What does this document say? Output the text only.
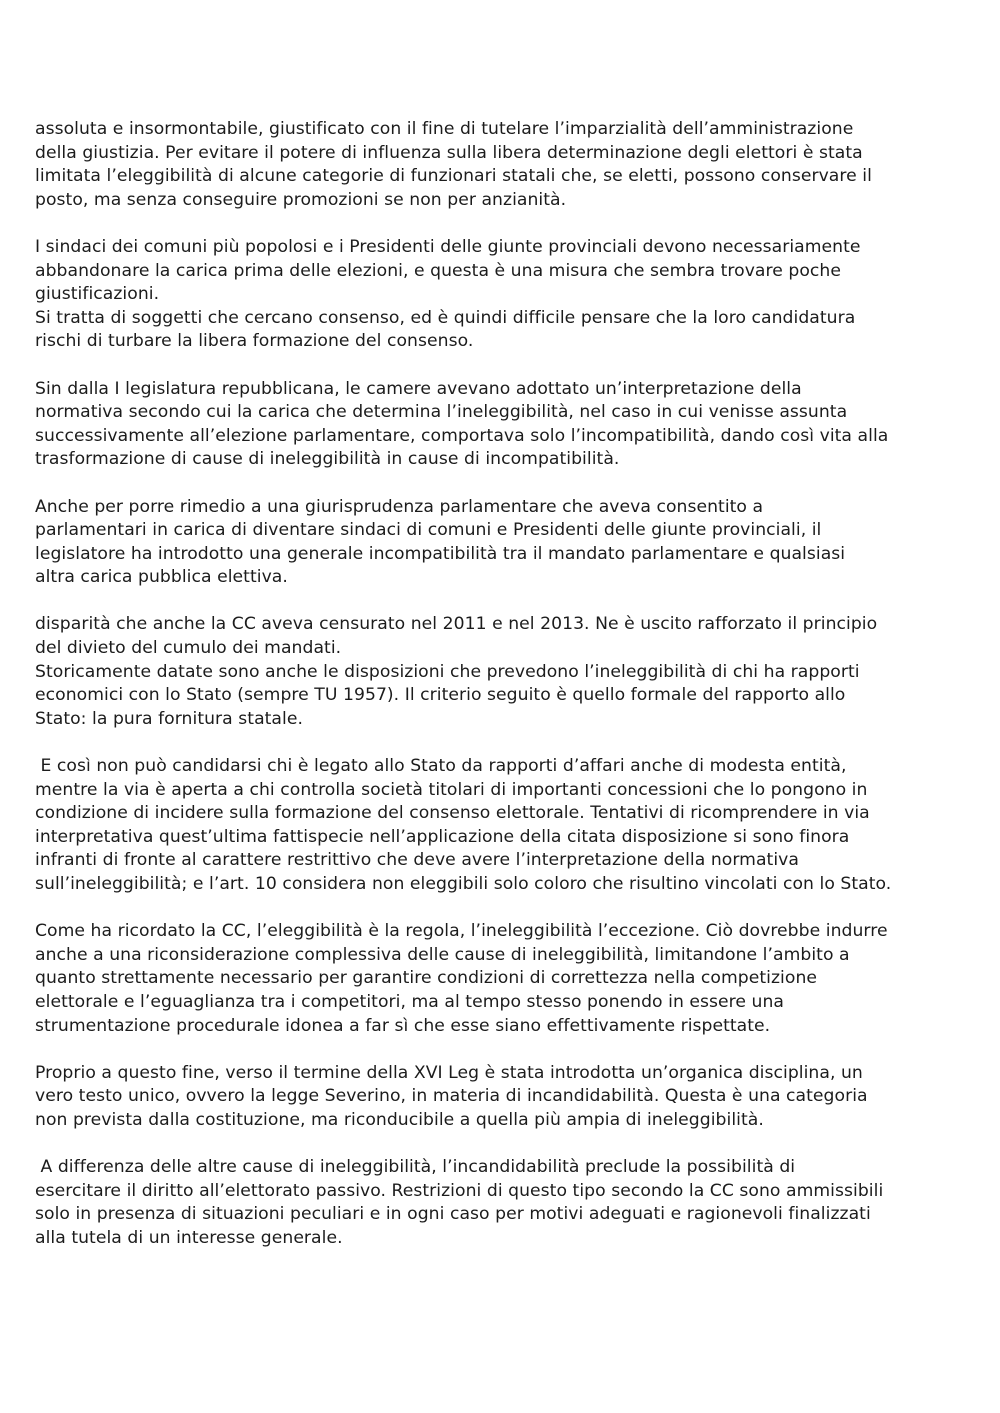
assoluta e insormontabile, giustificato con il fine di tutelare l’imparzialità dell’amministrazione
della giustizia. Per evitare il potere di influenza sulla libera determinazione degli elettori è stata
limitata l’eleggibilità di alcune categorie di funzionari statali che, se eletti, possono conservare il
posto, ma senza conseguire promozioni se non per anzianità.

I sindaci dei comuni più popolosi e i Presidenti delle giunte provinciali devono necessariamente
abbandonare la carica prima delle elezioni, e questa è una misura che sembra trovare poche
giustificazioni.
Si tratta di soggetti che cercano consenso, ed è quindi difficile pensare che la loro candidatura
rischi di turbare la libera formazione del consenso.

Sin dalla I legislatura repubblicana, le camere avevano adottato un’interpretazione della
normativa secondo cui la carica che determina l’ineleggibilità, nel caso in cui venisse assunta
successivamente all’elezione parlamentare, comportava solo l’incompatibilità, dando così vita alla
trasformazione di cause di ineleggibilità in cause di incompatibilità.

Anche per porre rimedio a una giurisprudenza parlamentare che aveva consentito a
parlamentari in carica di diventare sindaci di comuni e Presidenti delle giunte provinciali, il
legislatore ha introdotto una generale incompatibilità tra il mandato parlamentare e qualsiasi
altra carica pubblica elettiva.

disparità che anche la CC aveva censurato nel 2011 e nel 2013. Ne è uscito rafforzato il principio
del divieto del cumulo dei mandati.
Storicamente datate sono anche le disposizioni che prevedono l’ineleggibilità di chi ha rapporti
economici con lo Stato (sempre TU 1957). Il criterio seguito è quello formale del rapporto allo
Stato: la pura fornitura statale.

E così non può candidarsi chi è legato allo Stato da rapporti d’affari anche di modesta entità,
mentre la via è aperta a chi controlla società titolari di importanti concessioni che lo pongono in
condizione di incidere sulla formazione del consenso elettorale. Tentativi di ricomprendere in via
interpretativa quest’ultima fattispecie nell’applicazione della citata disposizione si sono finora
infranti di fronte al carattere restrittivo che deve avere l’interpretazione della normativa
sull’ineleggibilità; e l’art. 10 considera non eleggibili solo coloro che risultino vincolati con lo Stato.

Come ha ricordato la CC, l’eleggibilità è la regola, l’ineleggibilità l’eccezione. Ciò dovrebbe indurre
anche a una riconsiderazione complessiva delle cause di ineleggibilità, limitandone l’ambito a
quanto strettamente necessario per garantire condizioni di correttezza nella competizione
elettorale e l’eguaglianza tra i competitori, ma al tempo stesso ponendo in essere una
strumentazione procedurale idonea a far sì che esse siano effettivamente rispettate.

Proprio a questo fine, verso il termine della XVI Leg è stata introdotta un’organica disciplina, un
vero testo unico, ovvero la legge Severino, in materia di incandidabilità. Questa è una categoria
non prevista dalla costituzione, ma riconducibile a quella più ampia di ineleggibilità.

A differenza delle altre cause di ineleggibilità, l’incandidabilità preclude la possibilità di
esercitare il diritto all’elettorato passivo. Restrizioni di questo tipo secondo la CC sono ammissibili
solo in presenza di situazioni peculiari e in ogni caso per motivi adeguati e ragionevoli finalizzati
alla tutela di un interesse generale.
